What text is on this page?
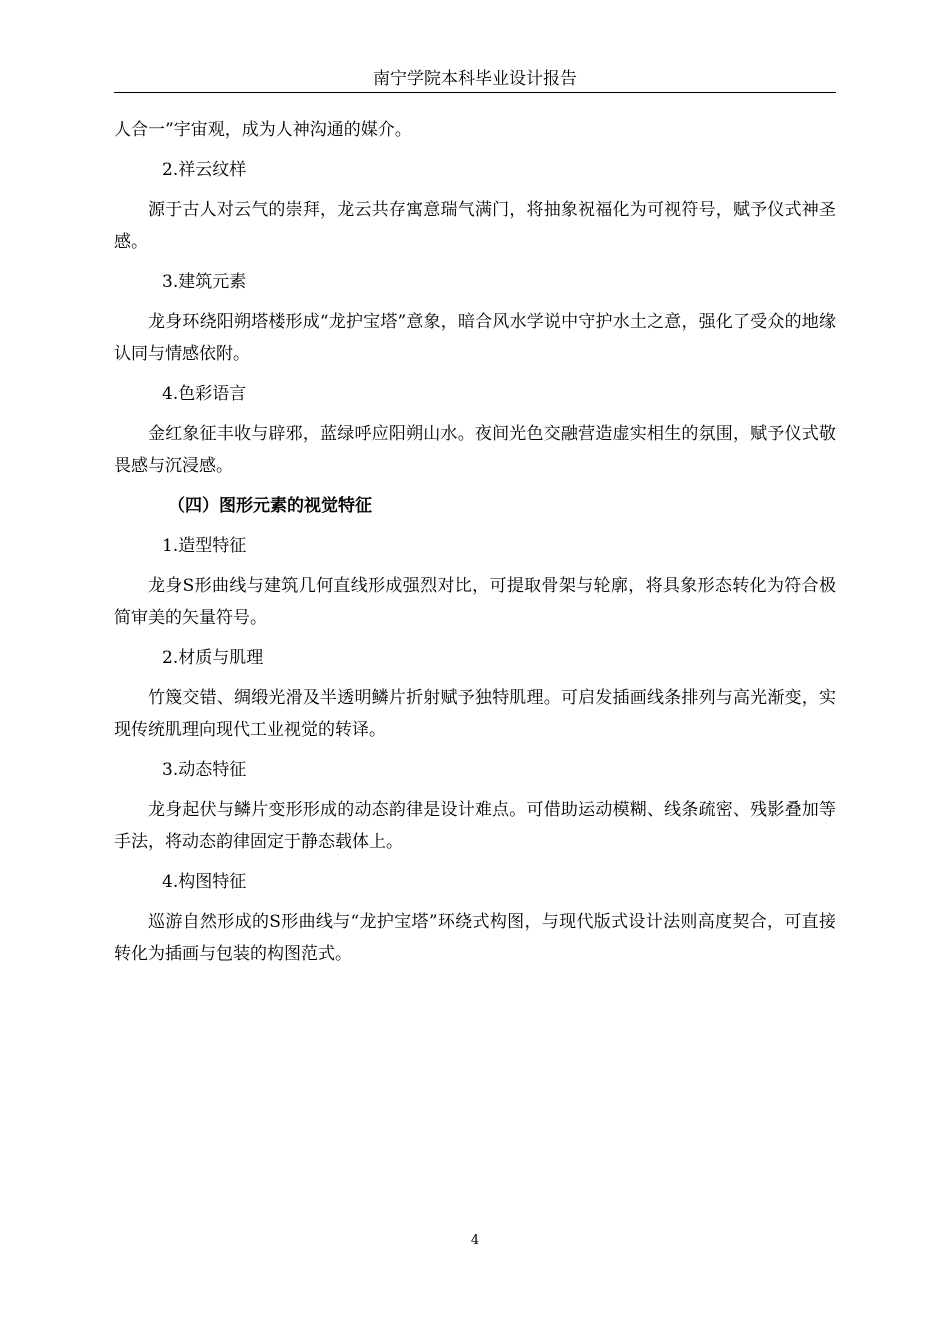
南宁学院本科毕业设计报告

人合一”宇宙观，成为人神沟通的媒介。

2.祥云纹样

源于古人对云气的崇拜，龙云共存寓意瑞气满门，将抽象祝福化为可视符号，赋予仪式神圣感。

3.建筑元素

龙身环绕阳朔塔楼形成“龙护宝塔”意象，暗合风水学说中守护水土之意，强化了受众的地缘认同与情感依附。

4.色彩语言

金红象征丰收与辟邪，蓝绿呼应阳朔山水。夜间光色交融营造虚实相生的氛围，赋予仪式敬畏感与沉浸感。

（四）图形元素的视觉特征
1.造型特征

龙身S形曲线与建筑几何直线形成强烈对比，可提取骨架与轮廓，将具象形态转化为符合极简审美的矢量符号。

2.材质与肌理

竹篾交错、绸缎光滑及半透明鳞片折射赋予独特肌理。可启发插画线条排列与高光渐变，实现传统肌理向现代工业视觉的转译。

3.动态特征

龙身起伏与鳞片变形形成的动态韵律是设计难点。可借助运动模糊、线条疏密、残影叠加等手法，将动态韵律固定于静态载体上。

4.构图特征

巡游自然形成的S形曲线与“龙护宝塔”环绕式构图，与现代版式设计法则高度契合，可直接转化为插画与包装的构图范式。

4
